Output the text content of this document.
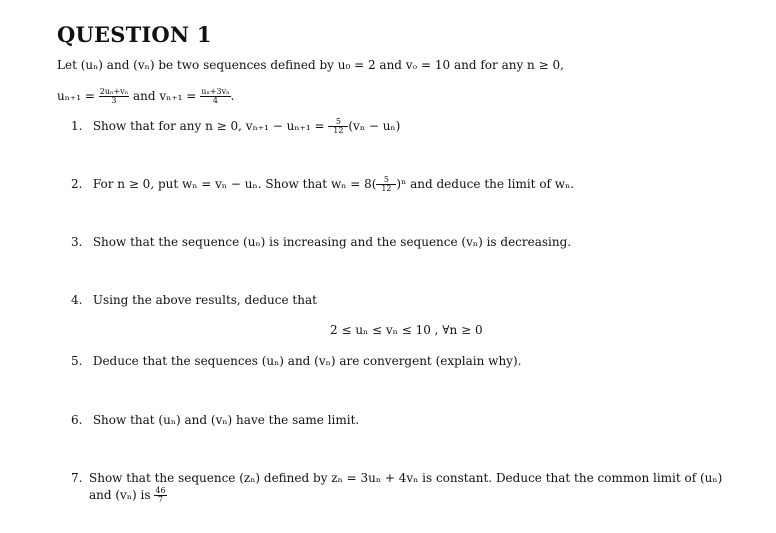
QUESTION 1
Let (uₙ) and (vₙ) be two sequences defined by u₀ = 2 and vₒ = 10 and for any n ≥ 0,
$u_{n+1} = \frac{\text{2uₙ+vₙ}}{3}$ and $v_{n+1} = \frac{\text{uₙ+3vₙ}}{4}$ .
1. Show that for any n ≥ 0, $v_{n+1} - u_{n+1} = \frac{5}{12} (v_n - u_n)$
2. For n ≥ 0, put wₙ = vₙ − uₙ. Show that $w_n = 8(\frac{5}{12} )^n$ and deduce the limit of wₙ.
3. Show that the sequence (uₙ) is increasing and the sequence (vₙ) is decreasing.
4. Using the above results, deduce that
2 ≤ uₙ ≤ vₙ ≤ 10 , ∀n ≥ 0
5. Deduce that the sequences (uₙ) and (vₙ) are convergent (explain why).
6. Show that (uₙ) and (vₙ) have the same limit.
7. Show that the sequence (zₙ) defined by zₙ = 3uₙ + 4vₙ is constant. Deduce that the common limit of (uₙ) and (vₙ) is $\frac{46}{7}$
